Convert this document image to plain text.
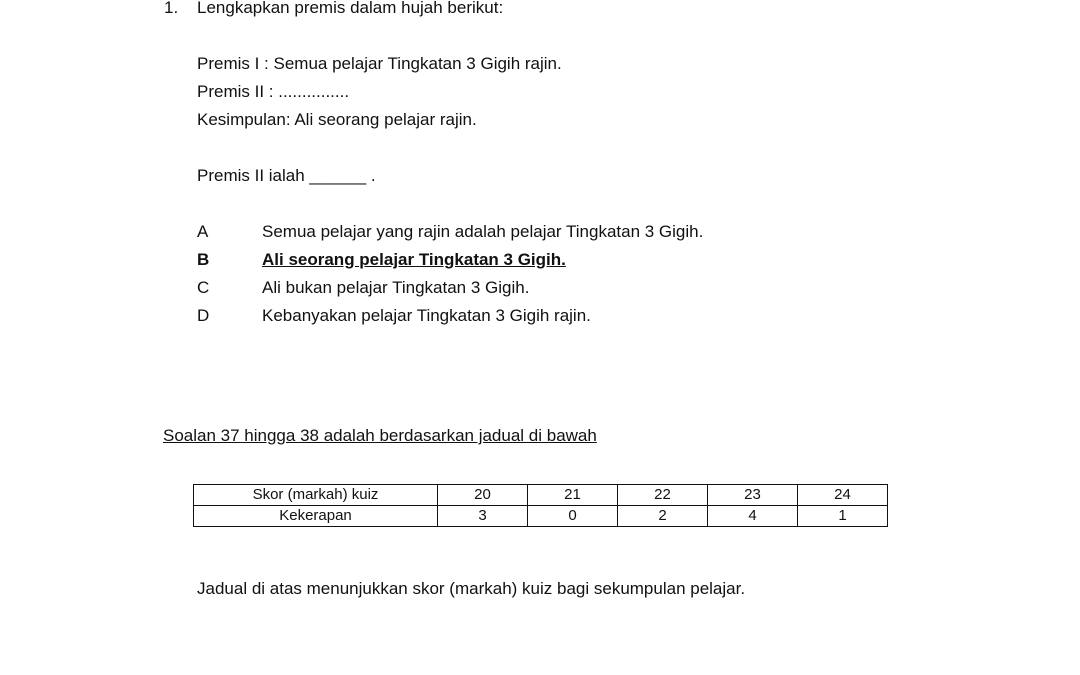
1. Lengkapkan premis dalam hujah berikut:
Premis I : Semua pelajar Tingkatan 3 Gigih rajin.
Premis II : ...............
Kesimpulan: Ali seorang pelajar rajin.
Premis II ialah ______ .
A	Semua pelajar yang rajin adalah pelajar Tingkatan 3 Gigih.
B	Ali seorang pelajar Tingkatan 3 Gigih.
C	Ali bukan pelajar Tingkatan 3 Gigih.
D	Kebanyakan pelajar Tingkatan 3 Gigih rajin.
Soalan 37 hingga 38 adalah berdasarkan jadual di bawah
Skor (markah) kuiz	20	21	22	23	24
Kekerapan	3	0	2	4	1
Jadual di atas menunjukkan skor (markah) kuiz bagi sekumpulan pelajar.
